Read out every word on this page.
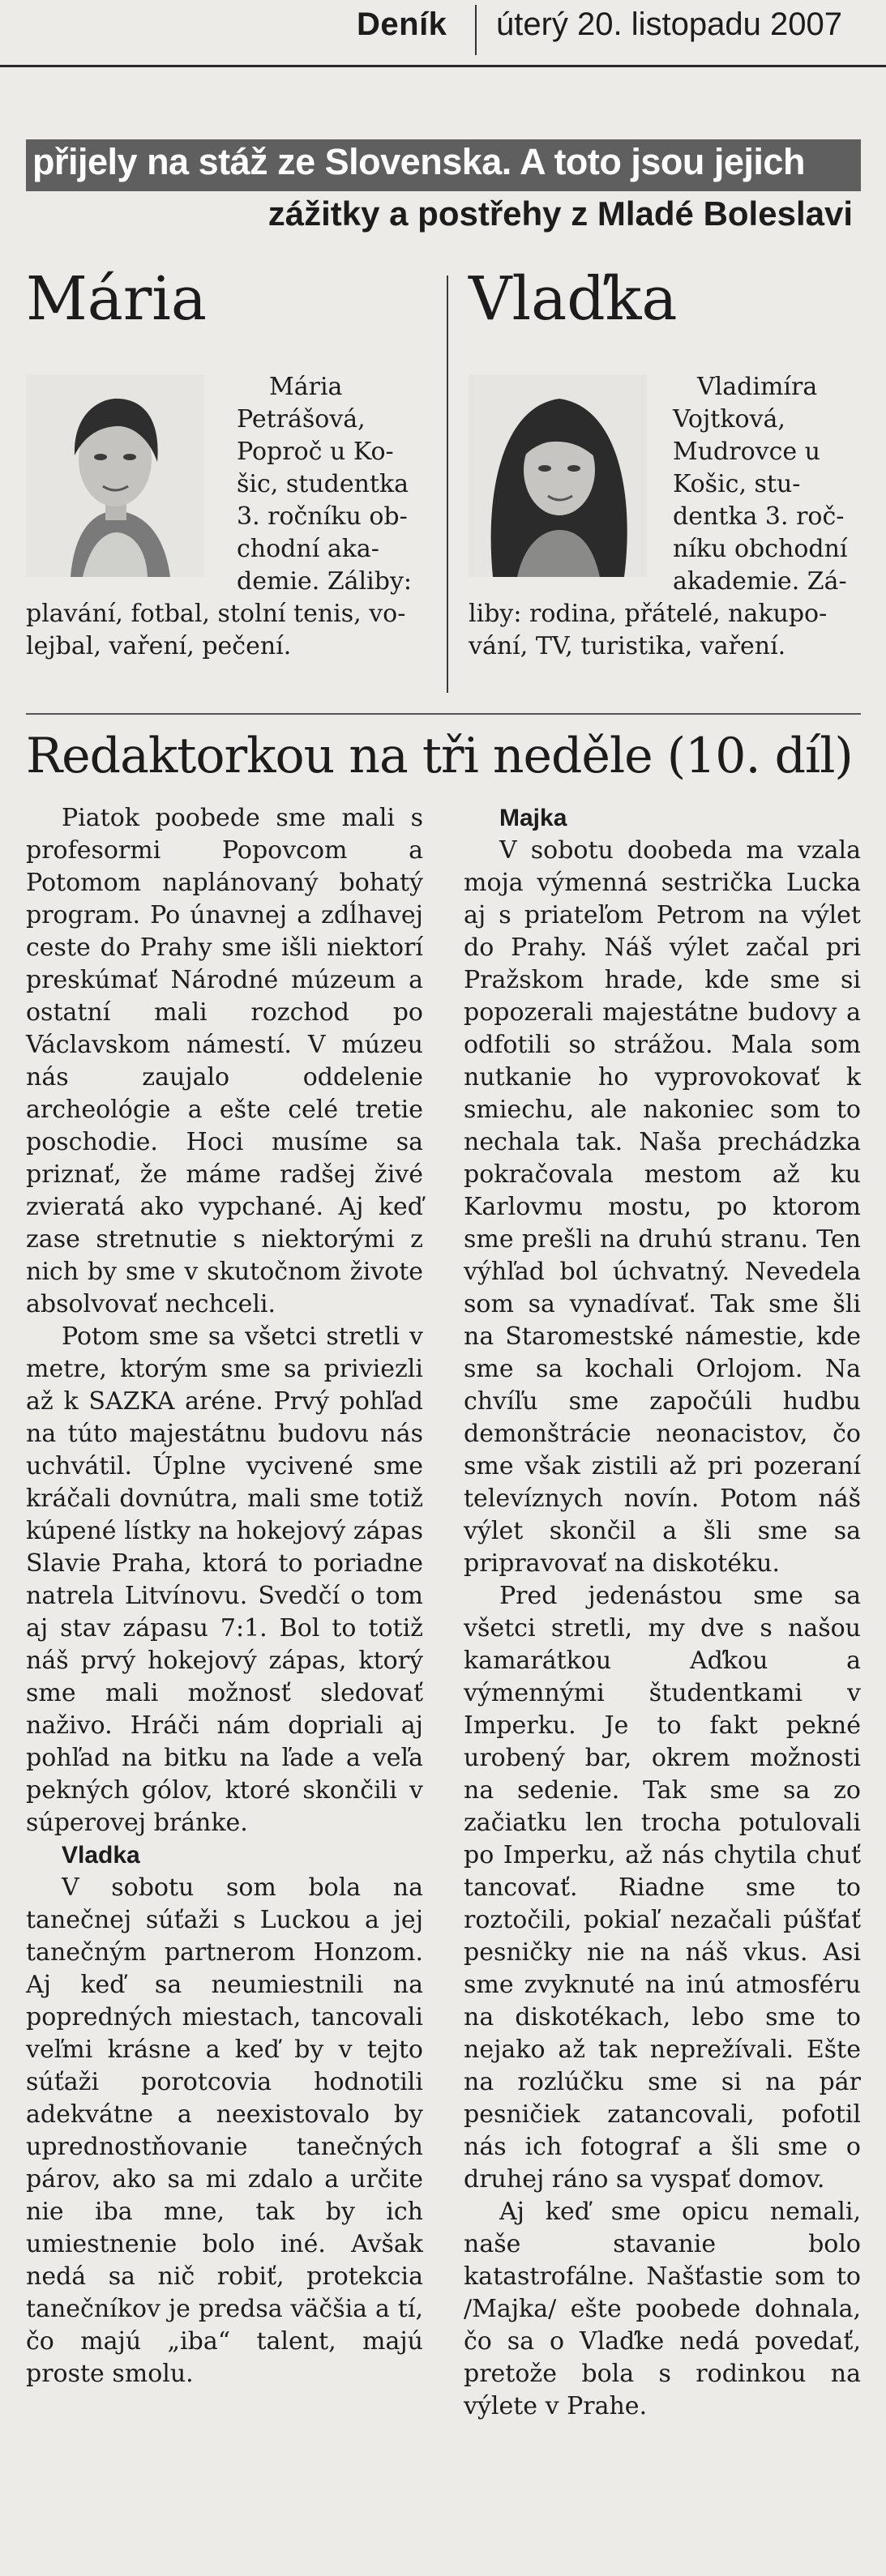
Deník úterý 20. listopadu 2007
přijely na stáž ze Slovenska. A toto jsou jejich
zážitky a postřehy z Mladé Boleslavi
Mária

Mária

Petrášová,

Poproč u Ko-

šic, studentka

3. ročníku ob-

chodní aka-

demie. Záliby:

plavání, fotbal, stolní tenis, vo-

lejbal, vaření, pečení.

Vlaďka

Vladimíra

Vojtková,

Mudrovce u

Košic, stu-

dentka 3. roč-

níku obchodní

akademie. Zá-

liby: rodina, přátelé, nakupo-

vání, TV, turistika, vaření.

Redaktorkou na tři neděle (10. díl)

Piatok poobede sme mali s profesormi Popovcom a Potomom naplánovaný bohatý program. Po únavnej a zdĺhavej ceste do Prahy sme išli niektorí preskúmať Národné múzeum a ostatní mali rozchod po Václavskom námestí. V múzeu nás zaujalo oddelenie archeológie a ešte celé tretie poschodie. Hoci musíme sa priznať, že máme radšej živé zvieratá ako vypchané. Aj keď zase stretnutie s niektorými z nich by sme v skutočnom živote absolvovať nechceli.

Potom sme sa všetci stretli v metre, ktorým sme sa priviezli až k SAZKA aréne. Prvý pohľad na túto majestátnu budovu nás uchvátil. Úplne vycivené sme kráčali dovnútra, mali sme totiž kúpené lístky na hokejový zápas Slavie Praha, ktorá to poriadne natrela Litvínovu. Svedčí o tom aj stav zápasu 7:1. Bol to totiž náš prvý hokejový zápas, ktorý sme mali možnosť sledovať naživo. Hráči nám dopriali aj pohľad na bitku na ľade a veľa pekných gólov, ktoré skončili v súperovej bránke.

Vladka

V sobotu som bola na tanečnej súťaži s Luckou a jej tanečným partnerom Honzom. Aj keď sa neumiestnili na popredných miestach, tancovali veľmi krásne a keď by v tejto súťaži porotcovia hodnotili adekvátne a neexistovalo by uprednostňovanie tanečných párov, ako sa mi zdalo a určite nie iba mne, tak by ich umiestnenie bolo iné. Avšak nedá sa nič robiť, protekcia tanečníkov je predsa väčšia a tí, čo majú „iba“ talent, majú proste smolu.

Majka

V sobotu doobeda ma vzala moja výmenná sestrička Lucka aj s priateľom Petrom na výlet do Prahy. Náš výlet začal pri Pražskom hrade, kde sme si popozerali majestátne budovy a odfotili so strážou. Mala som nutkanie ho vyprovokovať k smiechu, ale nakoniec som to nechala tak. Naša prechádzka pokračovala mestom až ku Karlovmu mostu, po ktorom sme prešli na druhú stranu. Ten výhľad bol úchvatný. Nevedela som sa vynadívať. Tak sme šli na Staromestské námestie, kde sme sa kochali Orlojom. Na chvíľu sme započúli hudbu demonštrácie neonacistov, čo sme však zistili až pri pozeraní televíznych novín. Potom náš výlet skončil a šli sme sa pripravovať na diskotéku.

Pred jedenástou sme sa všetci stretli, my dve s našou kamarátkou Aďkou a výmennými študentkami v Imperku. Je to fakt pekné urobený bar, okrem možnosti na sedenie. Tak sme sa zo začiatku len trocha potulovali po Imperku, až nás chytila chuť tancovať. Riadne sme to roztočili, pokiaľ nezačali púšťať pesničky nie na náš vkus. Asi sme zvyknuté na inú atmosféru na diskotékach, lebo sme to nejako až tak neprežívali. Ešte na rozlúčku sme si na pár pesničiek zatancovali, pofotil nás ich fotograf a šli sme o druhej ráno sa vyspať domov.

Aj keď sme opicu nemali, naše stavanie bolo katastrofálne. Našťastie som to /Majka/ ešte poobede dohnala, čo sa o Vlaďke nedá povedať, pretože bola s rodinkou na výlete v Prahe.
